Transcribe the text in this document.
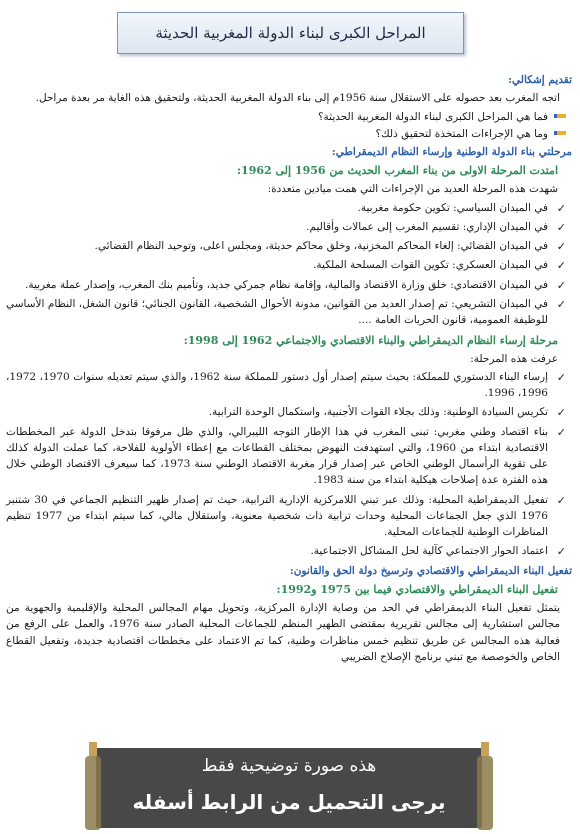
المراحل الكبرى لبناء الدولة المغربية الحديثة
تقديم إشكالي:
اتجه المغرب بعد حصوله على الاستقلال سنة 1956م إلى بناء الدولة المغربية الحديثة، ولتحقيق هذه الغاية مر بعدة مراحل.
فما هي المراحل الكبرى لبناء الدولة المغربية الحديثة؟
وما هي الإجراءات المتخذة لتحقيق ذلك؟
مرحلتي بناء الدولة الوطنية وإرساء النظام الديمقراطي:
امتدت المرحلة الاولى من بناء المغرب الحديث من 1956 إلى 1962:
شهدت هذه المرحلة العديد من الإجراءات التي همت ميادين متعددة:
✓
في الميدان السياسي: تكوين حكومة مغربية.
✓
في الميدان الإداري: تقسيم المغرب إلى عمالات وأقاليم.
✓
في الميدان القضائي: إلغاء المحاكم المخزنية، وخلق محاكم حديثة، ومجلس اعلى، وتوحيد النظام القضائي.
✓
في الميدان العسكري: تكوين القوات المسلحة الملكية.
✓
في الميدان الاقتصادي: خلق وزارة الاقتصاد والمالية، وإقامة نظام جمركي جديد، وتأميم بنك المغرب، وإصدار عملة مغربية.
✓
في الميدان التشريعي: تم إصدار العديد من القوانين، مدونة الأحوال الشخصية، القانون الجنائي؛ قانون الشغل، النظام الأساسي للوظيفة العمومية، قانون الحريات العامة ....
مرحلة إرساء النظام الديمقراطي والبناء الاقتصادي والاجتماعي 1962 إلى 1998:
عرفت هذه المرحلة:
✓
إرساء البناء الدستوري للمملكة: بحيث سيتم إصدار أول دستور للمملكة سنة 1962، والذي سيتم تعديله سنوات 1970، 1972، 1996، 1996.
✓
تكريس السيادة الوطنية: وذلك بجلاء القوات الأجنبية، واستكمال الوحدة الترابية.
✓
بناء اقتصاد وطني مغربي: تبنى المغرب في هذا الإطار التوجه الليبرالي، والذي ظل مرفوقا بتدخل الدولة عبر المخططات الاقتصادية ابتداء من 1960، والتي استهدفت النهوض بمختلف القطاعات مع إعطاء الأولوية للفلاحة، كما عملت الدولة كذلك على تقوية الرأسمال الوطني الخاص عبر إصدار قرار مغربة الاقتصاد الوطني سنة 1973، كما سيعرف الاقتصاد الوطني خلال هذه الفترة عدة إصلاحات هيكلية ابتداء من سنة 1983.
✓
تفعيل الديمقراطية المحلية: وذلك عبر تبني اللامركزية الإدارية الترابية، حيث تم إصدار ظهير التنظيم الجماعي في 30 شتنبر 1976 الذي جعل الجماعات المحلية وحدات ترابية ذات شخصية معنوية، واستقلال مالي، كما سيتم ابتداء من 1977 تنظيم المناظرات الوطنية للجماعات المحلية.
✓
اعتماد الحوار الاجتماعي كآلية لحل المشاكل الاجتماعية.
تفعيل البناء الديمقراطي والاقتصادي وترسيخ دولة الحق والقانون:
تفعيل البناء الديمقراطي والاقتصادي فيما بين 1975 و1992:
يتمثل تفعيل البناء الديمقراطي في الحد من وصاية الإدارة المركزية، وتحويل مهام المجالس المحلية والإقليمية والجهوية من مجالس استشارية إلى مجالس تقريرية بمقتضى الظهير المنظم للجماعات المحلية الصادر سنة 1976، والعمل على الرفع من فعالية هذه المجالس عن طريق تنظيم خمس مناظرات وطنية، كما تم الاعتماد على مخططات اقتصادية جديدة، وتفعيل القطاع الخاص والخوصصة مع تبني برنامج الإصلاح الضريبي
هذه صورة توضيحية فقط
يرجى التحميل من الرابط أسفله
